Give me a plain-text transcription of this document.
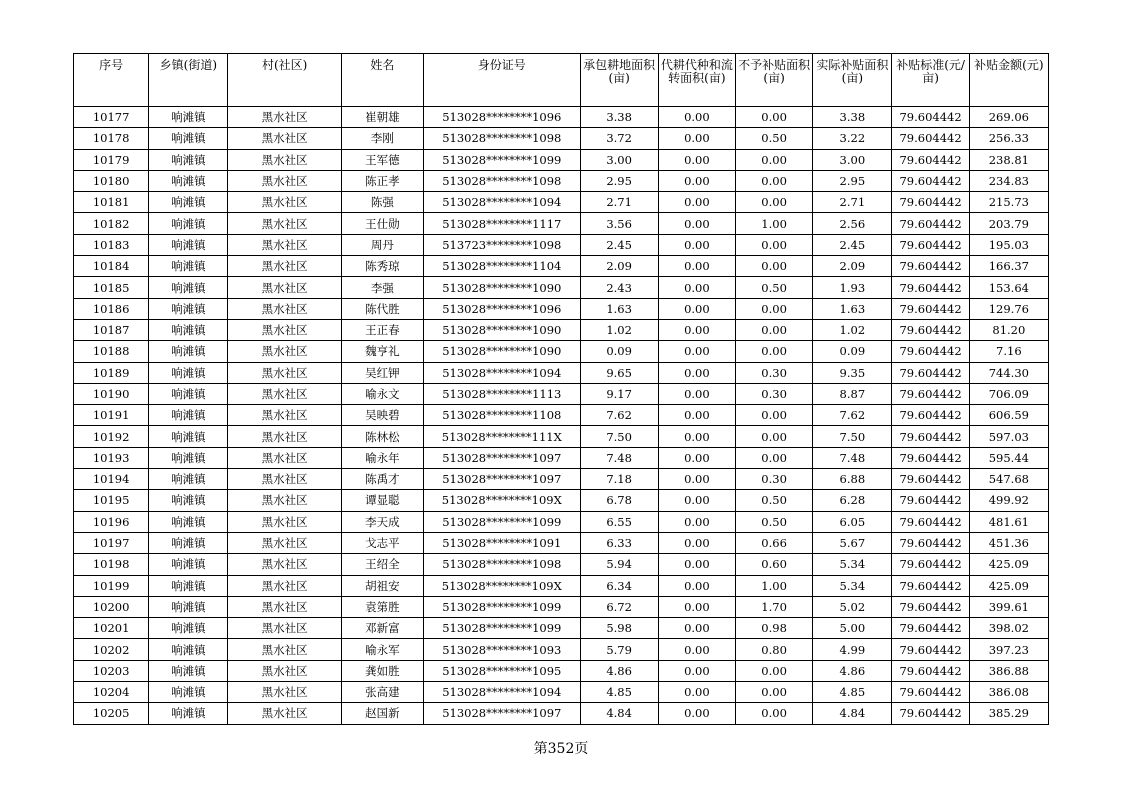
序号	乡镇(街道)	村(社区)	姓名	身份证号	承包耕地面积(亩)	代耕代种和流转面积(亩)	不予补贴面积(亩)	实际补贴面积(亩)	补贴标准(元/亩)	补贴金额(元)
10177	响滩镇	黑水社区	崔朝雄	513028********1096	3.38	0.00	0.00	3.38	79.604442	269.06
10178	响滩镇	黑水社区	李刚	513028********1098	3.72	0.00	0.50	3.22	79.604442	256.33
10179	响滩镇	黑水社区	王军德	513028********1099	3.00	0.00	0.00	3.00	79.604442	238.81
10180	响滩镇	黑水社区	陈正孝	513028********1098	2.95	0.00	0.00	2.95	79.604442	234.83
10181	响滩镇	黑水社区	陈强	513028********1094	2.71	0.00	0.00	2.71	79.604442	215.73
10182	响滩镇	黑水社区	王仕勋	513028********1117	3.56	0.00	1.00	2.56	79.604442	203.79
10183	响滩镇	黑水社区	周丹	513723********1098	2.45	0.00	0.00	2.45	79.604442	195.03
10184	响滩镇	黑水社区	陈秀琼	513028********1104	2.09	0.00	0.00	2.09	79.604442	166.37
10185	响滩镇	黑水社区	李强	513028********1090	2.43	0.00	0.50	1.93	79.604442	153.64
10186	响滩镇	黑水社区	陈代胜	513028********1096	1.63	0.00	0.00	1.63	79.604442	129.76
10187	响滩镇	黑水社区	王正春	513028********1090	1.02	0.00	0.00	1.02	79.604442	81.20
10188	响滩镇	黑水社区	魏亨礼	513028********1090	0.09	0.00	0.00	0.09	79.604442	7.16
10189	响滩镇	黑水社区	吴红钾	513028********1094	9.65	0.00	0.30	9.35	79.604442	744.30
10190	响滩镇	黑水社区	喻永文	513028********1113	9.17	0.00	0.30	8.87	79.604442	706.09
10191	响滩镇	黑水社区	吴映碧	513028********1108	7.62	0.00	0.00	7.62	79.604442	606.59
10192	响滩镇	黑水社区	陈林松	513028********111X	7.50	0.00	0.00	7.50	79.604442	597.03
10193	响滩镇	黑水社区	喻永年	513028********1097	7.48	0.00	0.00	7.48	79.604442	595.44
10194	响滩镇	黑水社区	陈禹才	513028********1097	7.18	0.00	0.30	6.88	79.604442	547.68
10195	响滩镇	黑水社区	谭显聪	513028********109X	6.78	0.00	0.50	6.28	79.604442	499.92
10196	响滩镇	黑水社区	李天成	513028********1099	6.55	0.00	0.50	6.05	79.604442	481.61
10197	响滩镇	黑水社区	戈志平	513028********1091	6.33	0.00	0.66	5.67	79.604442	451.36
10198	响滩镇	黑水社区	王绍全	513028********1098	5.94	0.00	0.60	5.34	79.604442	425.09
10199	响滩镇	黑水社区	胡祖安	513028********109X	6.34	0.00	1.00	5.34	79.604442	425.09
10200	响滩镇	黑水社区	袁第胜	513028********1099	6.72	0.00	1.70	5.02	79.604442	399.61
10201	响滩镇	黑水社区	邓新富	513028********1099	5.98	0.00	0.98	5.00	79.604442	398.02
10202	响滩镇	黑水社区	喻永军	513028********1093	5.79	0.00	0.80	4.99	79.604442	397.23
10203	响滩镇	黑水社区	龚如胜	513028********1095	4.86	0.00	0.00	4.86	79.604442	386.88
10204	响滩镇	黑水社区	张高建	513028********1094	4.85	0.00	0.00	4.85	79.604442	386.08
10205	响滩镇	黑水社区	赵国新	513028********1097	4.84	0.00	0.00	4.84	79.604442	385.29
第352页
